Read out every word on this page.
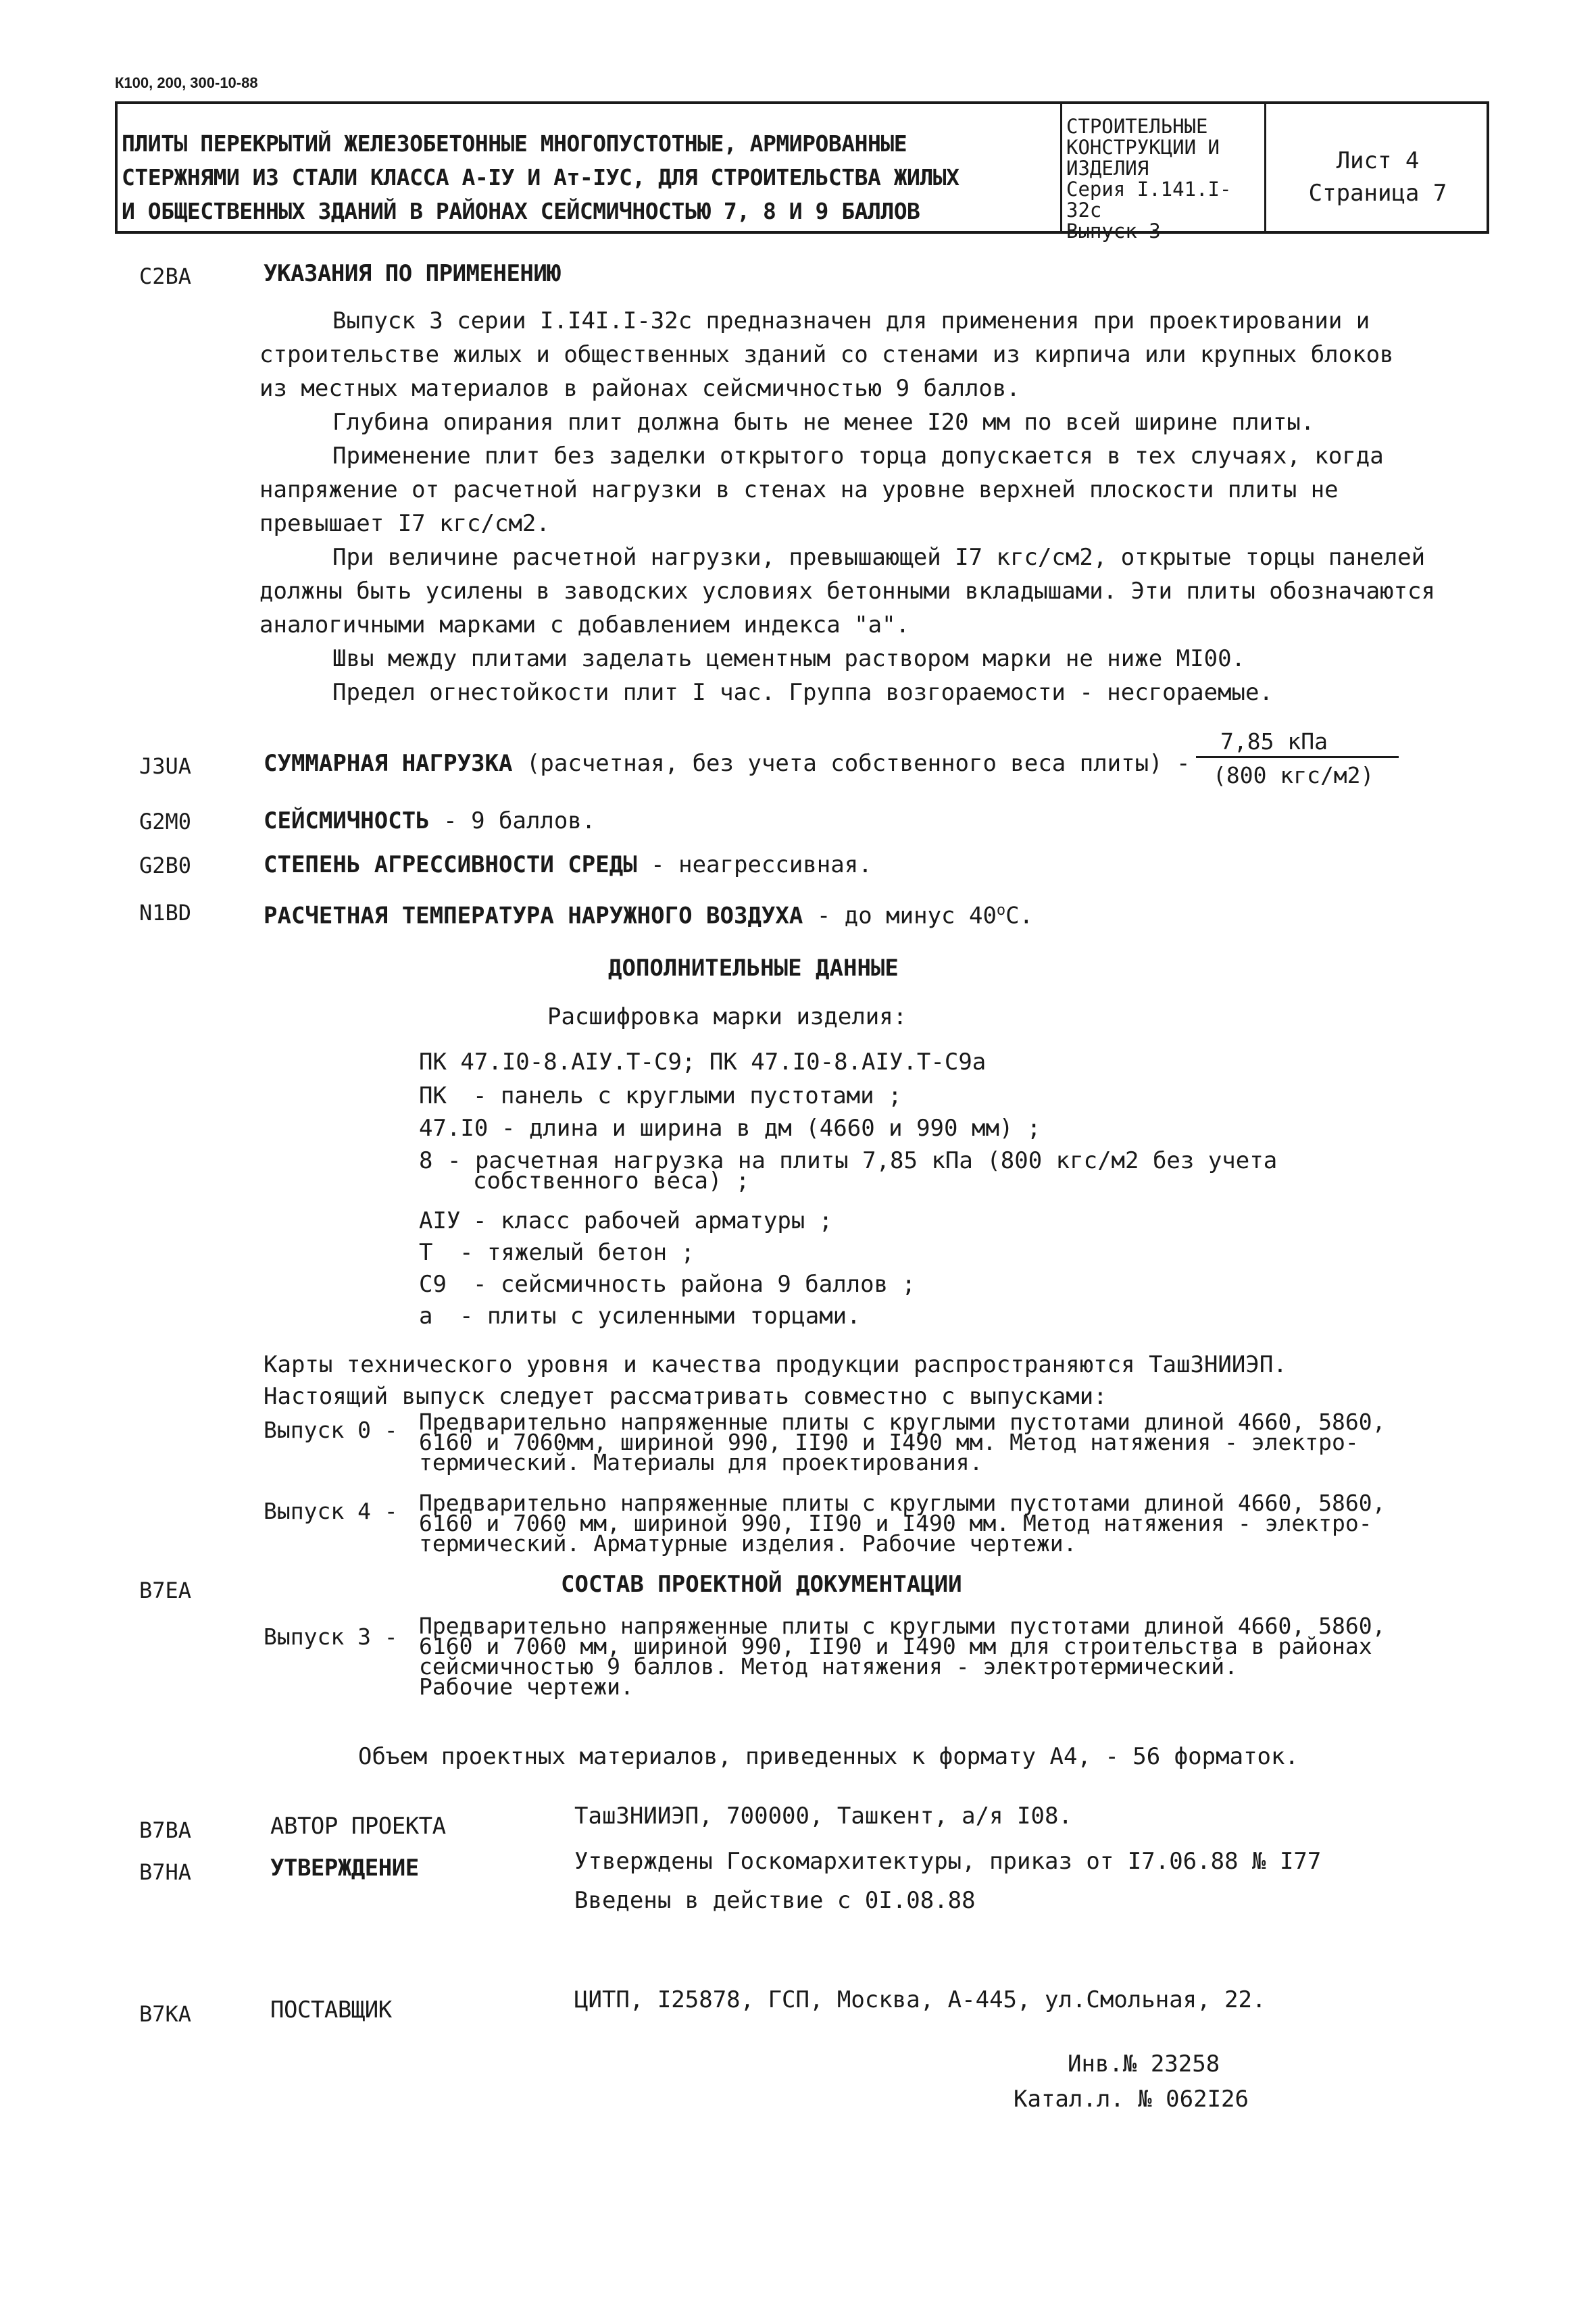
К100, 200, 300-10-88
ПЛИТЫ ПЕРЕКРЫТИЙ ЖЕЛЕЗОБЕТОННЫЕ МНОГОПУСТОТНЫЕ, АРМИРОВАННЫЕ
СТЕРЖНЯМИ ИЗ СТАЛИ КЛАССА А-IУ И Ат-IУС, ДЛЯ СТРОИТЕЛЬСТВА ЖИЛЫХ
И ОБЩЕСТВЕННЫХ ЗДАНИЙ В РАЙОНАХ СЕЙСМИЧНОСТЬЮ 7, 8 И 9 БАЛЛОВ
СТРОИТЕЛЬНЫЕ
КОНСТРУКЦИИ И
ИЗДЕЛИЯ
Серия I.141.I-32с
Выпуск 3
Лист 4
Страница 7
С2ВА	УКАЗАНИЯ ПО ПРИМЕНЕНИЮ
Выпуск 3 серии I.I4I.I-32с предназначен для применения при проектировании и
строительстве жилых и общественных зданий со стенами из кирпича или крупных блоков
из местных материалов в районах сейсмичностью 9 баллов.
Глубина опирания плит должна быть не менее I20 мм по всей ширине плиты.
Применение плит без заделки открытого торца допускается в тех случаях, когда
напряжение от расчетной нагрузки в стенах на уровне верхней плоскости плиты не
превышает I7 кгс/см2.
При величине расчетной нагрузки, превышающей I7 кгс/см2, открытые торцы панелей
должны быть усилены в заводских условиях бетонными вкладышами. Эти плиты обозначаются
аналогичными марками с добавлением индекса "а".
Швы между плитами заделать цементным раствором марки не ниже MI00.
Предел огнестойкости плит I час. Группа возгораемости - несгораемые.
J3UA	СУММАРНАЯ НАГРУЗКА (расчетная, без учета собственного веса плиты) -
7,85 кПа
(800 кгс/м2)
G2M0	СЕЙСМИЧНОСТЬ - 9 баллов.
G2B0	СТЕПЕНЬ АГРЕССИВНОСТИ СРЕДЫ - неагрессивная.
N1BD	РАСЧЕТНАЯ ТЕМПЕРАТУРА НАРУЖНОГО ВОЗДУХА - до минус $40^оС$.
ДОПОЛНИТЕЛЬНЫЕ ДАННЫЕ
Расшифровка марки изделия:
ПК 47.I0-8.AIУ.Т-С9; ПК 47.I0-8.AIУ.Т-С9а
ПК - панель с круглыми пустотами ;
47.I0 - длина и ширина в дм (4660 и 990 мм) ;
8 - расчетная нагрузка на плиты 7,85 кПа (800 кгс/м2 без учета
собственного веса) ;
AIУ - класс рабочей арматуры ;
Т - тяжелый бетон ;
С9 - сейсмичность района 9 баллов ;
а - плиты с усиленными торцами.
Карты технического уровня и качества продукции распространяются ТашЗНИИЭП.
Настоящий выпуск следует рассматривать совместно с выпусками:
Выпуск 0 - Предварительно напряженные плиты с круглыми пустотами длиной 4660, 5860,
6160 и 7060мм, шириной 990, II90 и I490 мм. Метод натяжения - электро-
термический. Материалы для проектирования.
Выпуск 4 - Предварительно напряженные плиты с круглыми пустотами длиной 4660, 5860,
6160 и 7060 мм, шириной 990, II90 и I490 мм. Метод натяжения - электро-
термический. Арматурные изделия. Рабочие чертежи.
B7EA	СОСТАВ ПРОЕКТНОЙ ДОКУМЕНТАЦИИ
Выпуск 3 - Предварительно напряженные плиты с круглыми пустотами длиной 4660, 5860,
6160 и 7060 мм, шириной 990, II90 и I490 мм для строительства в районах
сейсмичностью 9 баллов. Метод натяжения - электротермический.
Рабочие чертежи.
Объем проектных материалов, приведенных к формату А4, - 56 форматок.
B7BA	АВТОР ПРОЕКТА	ТашЗНИИЭП, 700000, Ташкент, а/я I08.
B7HA	УТВЕРЖДЕНИЕ	Утверждены Госкомархитектуры, приказ от I7.06.88 № I77
Введены в действие с 0I.08.88
B7KA	ПОСТАВЩИК	ЦИТП, I25878, ГСП, Москва, А-445, ул.Смольная, 22.
Инв.№ 23258
Катал.л. № 062I26
